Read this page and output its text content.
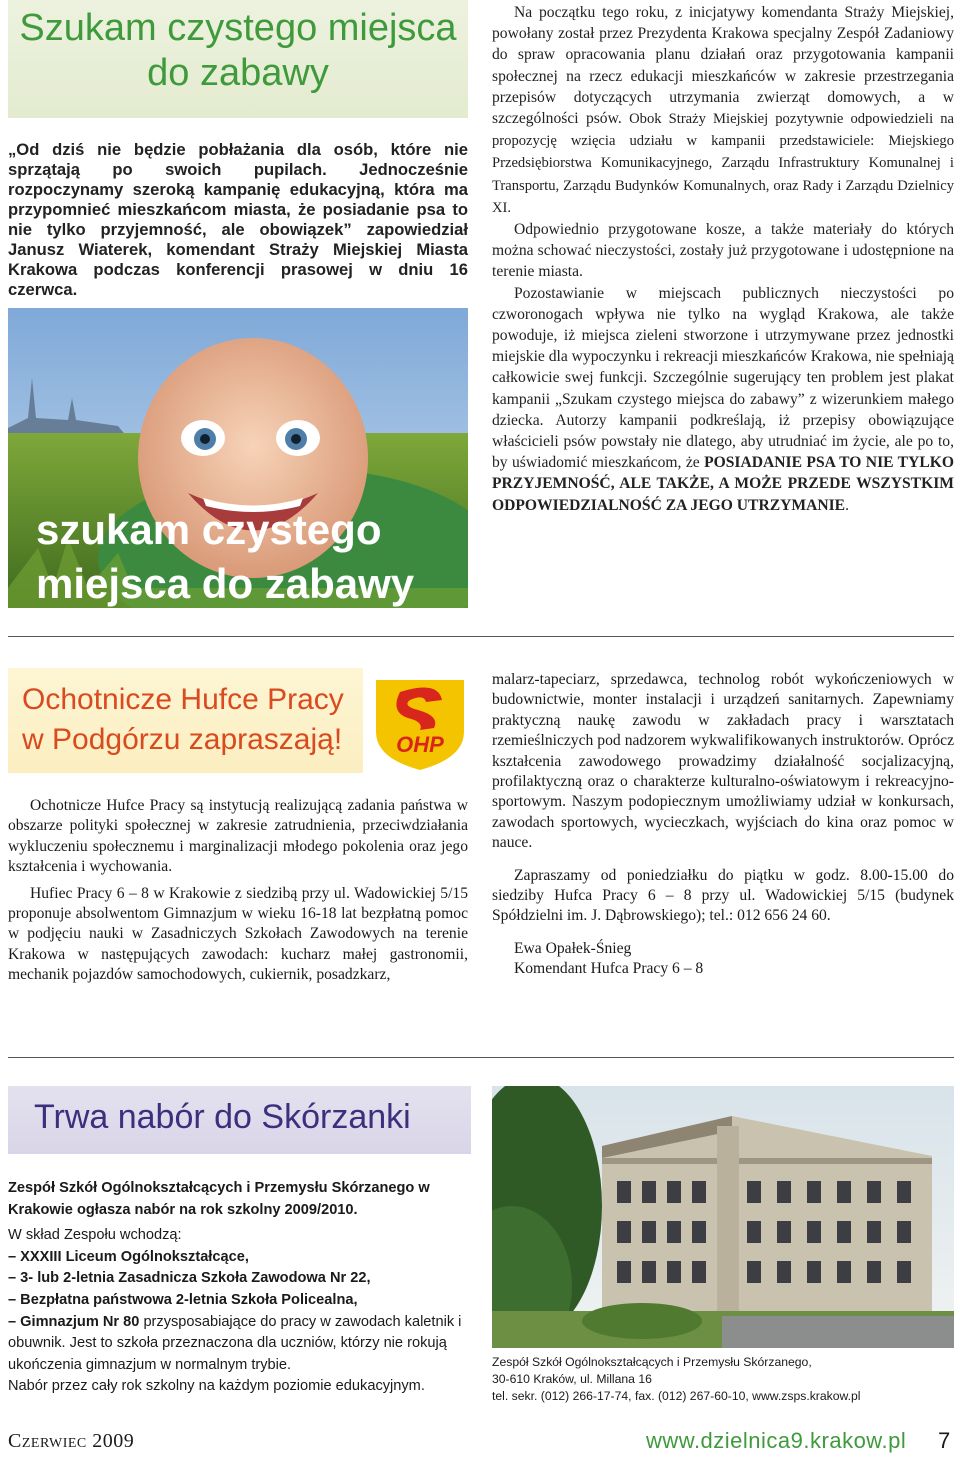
Szukam czystego miejsca
do zabawy

„Od dziś nie będzie pobłażania dla osób, które nie sprzątają po swoich pupilach. Jednocześnie rozpoczynamy szeroką kampanię edukacyjną, która ma przypomnieć mieszkańcom miasta, że posiadanie psa to nie tylko przyjemność, ale obowiązek” zapowiedział Janusz Wiaterek, komendant Straży Miejskiej Miasta Krakowa podczas konferencji prasowej w dniu 16 czerwca.

szukam czystego
miejsca do zabawy

Na początku tego roku, z inicjatywy komendanta Straży Miejskiej, powołany został przez Prezydenta Krakowa specjalny Zespół Zadaniowy do spraw opracowania planu działań oraz przygotowania kampanii społecznej na rzecz edukacji mieszkańców w zakresie przestrzegania przepisów dotyczących utrzymania zwierząt domowych, a w szczególności psów. Obok Straży Miejskiej pozytywnie odpowiedzieli na propozycję wzięcia udziału w kampanii przedstawiciele: Miejskiego Przedsiębiorstwa Komunikacyjnego, Zarządu Infrastruktury Komunalnej i Transportu, Zarządu Budynków Komunalnych, oraz Rady i Zarządu Dzielnicy XI.

Odpowiednio przygotowane kosze, a także materiały do których można schować nieczystości, zostały już przygotowane i udostępnione na terenie miasta.

Pozostawianie w miejscach publicznych nieczystości po czworonogach wpływa nie tylko na wygląd Krakowa, ale także powoduje, iż miejsca zieleni stworzone i utrzymywane przez jednostki miejskie dla wypoczynku i rekreacji mieszkańców Krakowa, nie spełniają całkowicie swej funkcji. Szczególnie sugerujący ten problem jest plakat kampanii „Szukam czystego miejsca do zabawy” z wizerunkiem małego dziecka. Autorzy kampanii podkreślają, iż przepisy obowiązujące właścicieli psów powstały nie dlatego, aby utrudniać im życie, ale po to, by uświadomić mieszkańcom, że POSIADANIE PSA TO NIE TYLKO PRZYJEMNOŚĆ, ALE TAKŻE, A MOŻE PRZEDE WSZYSTKIM ODPOWIEDZIALNOŚĆ ZA JEGO UTRZYMANIE.

Ochotnicze Hufce Pracy
w Podgórzu zapraszają!	OHP

Ochotnicze Hufce Pracy są instytucją realizującą zadania państwa w obszarze polityki społecznej w zakresie zatrudnienia, przeciwdziałania wykluczeniu społecznemu i marginalizacji młodego pokolenia oraz jego kształcenia i wychowania.

Hufiec Pracy 6 – 8 w Krakowie z siedzibą przy ul. Wadowickiej 5/15 proponuje absolwentom Gimnazjum w wieku 16-18 lat bezpłatną pomoc w podjęciu nauki w Zasadniczych Szkołach Zawodowych na terenie Krakowa w następujących zawodach: kucharz małej gastronomii, mechanik pojazdów samochodowych, cukiernik, posadzkarz,

malarz-tapeciarz, sprzedawca, technolog robót wykończeniowych w budownictwie, monter instalacji i urządzeń sanitarnych. Zapewniamy praktyczną naukę zawodu w zakładach pracy i warsztatach rzemieślniczych pod nadzorem wykwalifikowanych instruktorów. Oprócz kształcenia zawodowego prowadzimy działalność socjalizacyjną, profilaktyczną oraz o charakterze kulturalno-oświatowym i rekreacyjno-sportowym. Naszym podopiecznym umożliwiamy udział w konkursach, zawodach sportowych, wycieczkach, wyjściach do kina oraz pomoc w nauce.

Zapraszamy od poniedziałku do piątku w godz. 8.00-15.00 do siedziby Hufca Pracy 6 – 8 przy ul. Wadowickiej 5/15 (budynek Spółdzielni im. J. Dąbrowskiego); tel.: 012 656 24 60.

Ewa Opałek-Śnieg

Komendant Hufca Pracy 6 – 8

Trwa nabór do Skórzanki

Zespół Szkół Ogólnokształcących i Przemysłu Skórzanego w Krakowie ogłasza nabór na rok szkolny 2009/2010.

W skład Zespołu wchodzą:

– XXXIII Liceum Ogólnokształcące,

– 3- lub 2-letnia Zasadnicza Szkoła Zawodowa Nr 22,

– Bezpłatna państwowa 2-letnia Szkoła Policealna,

– Gimnazjum Nr 80 przysposabiające do pracy w zawodach kaletnik i obuwnik. Jest to szkoła przeznaczona dla uczniów, którzy nie rokują ukończenia gimnazjum w normalnym trybie.

Nabór przez cały rok szkolny na każdym poziomie edukacyjnym.

Zespół Szkół Ogólnokształcących i Przemysłu Skórzanego,
30-610 Kraków, ul. Millana 16
tel. sekr. (012) 266-17-74, fax. (012) 267-60-10, www.zsps.krakow.pl
Czerwiec 2009	www.dzielnica9.krakow.pl 7
